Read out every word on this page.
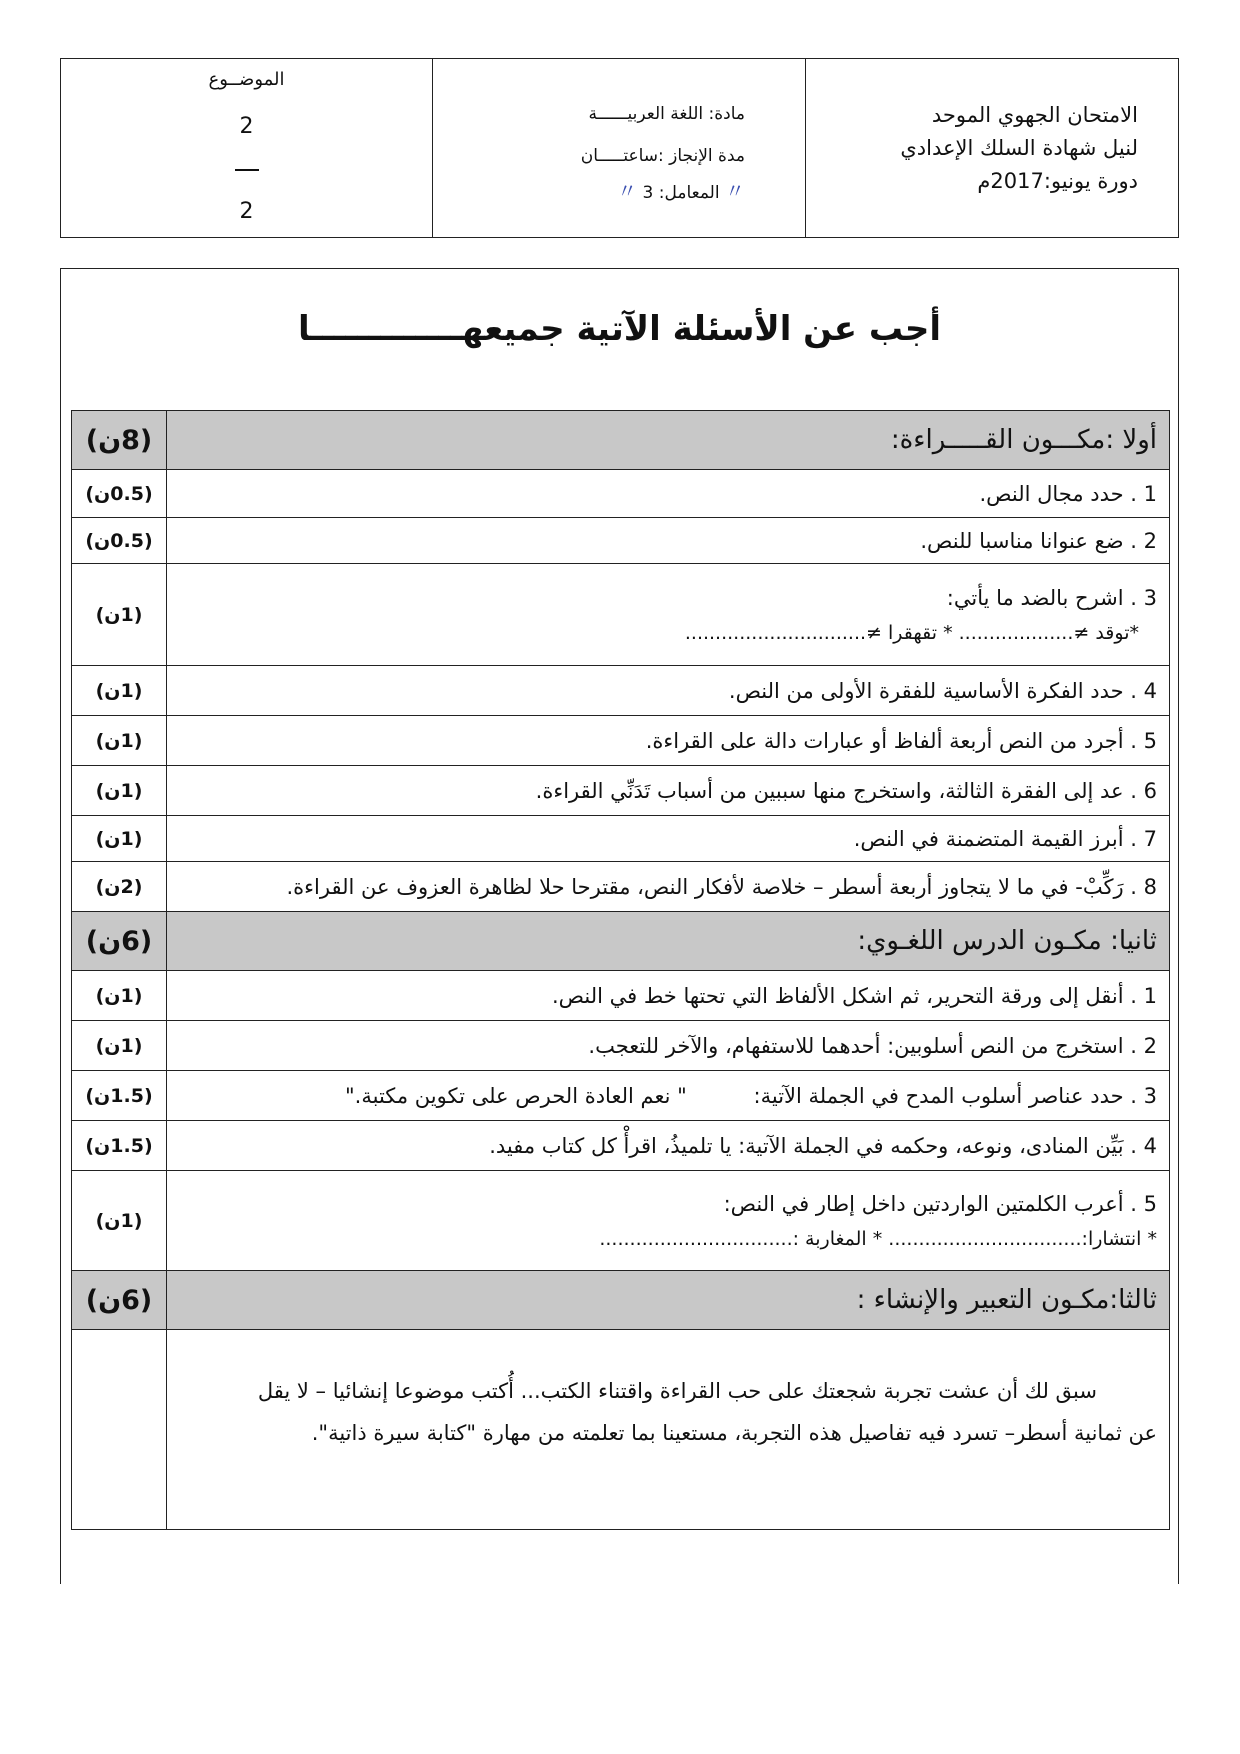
الامتحان الجهوي الموحد
لنيل شهادة السلك الإعدادي
دورة يونيو:2017م
مادة: اللغة العربيــــــة
مدة الإنجاز :ساعتـــــان
〃 المعامل: 3 〃
الموضــوع
2
2
أجب عن الأسئلة الآتية جميعهـــــــــــــا
(8ن)	أولا :مكـــون القـــــراءة:
(0.5ن)	1 . حدد مجال النص.
(0.5ن)	2 . ضع عنوانا مناسبا للنص.
(1ن)	3 . اشرح بالضد ما يأتي:
*توقد ≠................... * تقهقرا ≠..............................

(1ن)	4 . حدد الفكرة الأساسية للفقرة الأولى من النص.
(1ن)	5 . أجرد من النص أربعة ألفاظ أو عبارات دالة على القراءة.
(1ن)	6 . عد إلى الفقرة الثالثة، واستخرج منها سببين من أسباب تَدَنِّي القراءة.
(1ن)	7 . أبرز القيمة المتضمنة في النص.
(2ن)	8 . رَكِّبْ- في ما لا يتجاوز أربعة أسطر – خلاصة لأفكار النص، مقترحا حلا لظاهرة العزوف عن القراءة.
(6ن)	ثانيا: مكـون الدرس اللغـوي:
(1ن)	1 . أنقل إلى ورقة التحرير، ثم اشكل الألفاظ التي تحتها خط في النص.
(1ن)	2 . استخرج من النص أسلوبين: أحدهما للاستفهام، والآخر للتعجب.
(1.5ن)	3 . حدد عناصر أسلوب المدح في الجملة الآتية:          " نعم العادة الحرص على تكوين مكتبة."
(1.5ن)	4 . بَيِّن المنادى، ونوعه، وحكمه في الجملة الآتية: يا تلميذُ، اقرأْ كل كتاب مفيد.
(1ن)	5 . أعرب الكلمتين الواردتين داخل إطار في النص:
* انتشارا:................................ * المغاربة :................................

(6ن)	ثالثا:مكـون التعبير والإنشاء :

	سبق لك أن عشت تجربة شجعتك على حب القراءة واقتناء الكتب... أُكتب موضوعا إنشائيا – لا يقل
عن ثمانية أسطر– تسرد فيه تفاصيل هذه التجربة، مستعينا بما تعلمته من مهارة "كتابة سيرة ذاتية".
